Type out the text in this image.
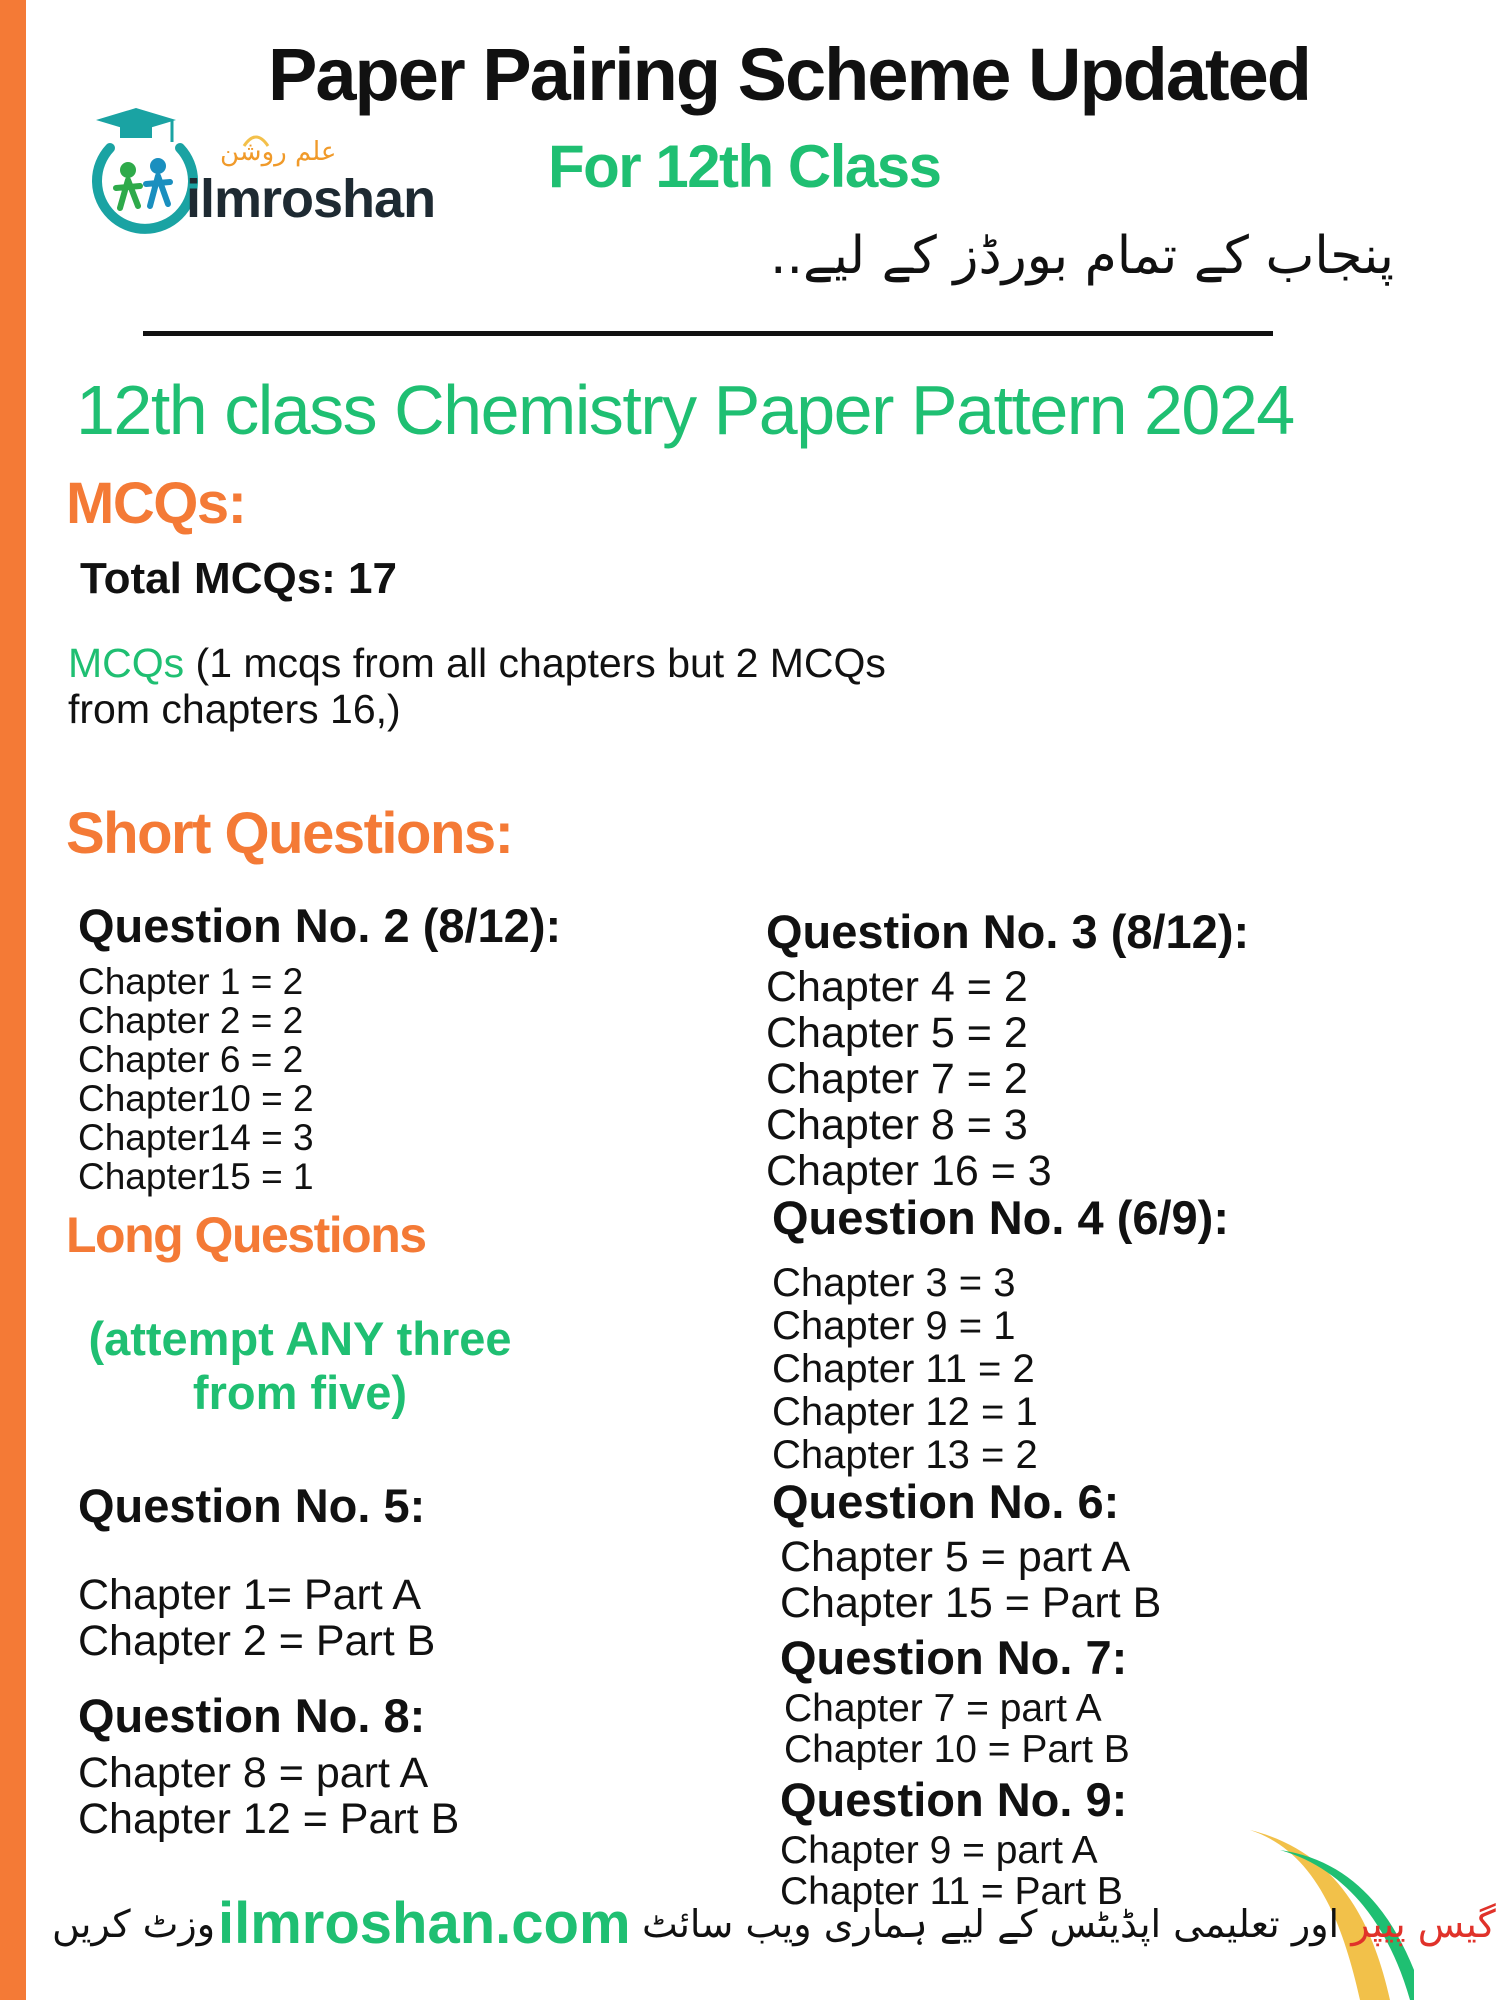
علم روشن
ilmroshan
Paper Pairing Scheme Updated
For 12th Class
پنجاب کے تمام بورڈز کے لیے..
12th class Chemistry Paper Pattern 2024
MCQs:
Total MCQs: 17
MCQs (1 mcqs from all chapters but 2 MCQs from chapters 16,)
Short Questions:
Question No. 2 (8/12):
Chapter 1 = 2
Chapter 2 = 2
Chapter 6 = 2
Chapter10 = 2
Chapter14 = 3
Chapter15 = 1
Question No. 3 (8/12):
Chapter 4 = 2
Chapter 5 = 2
Chapter 7 = 2
Chapter 8 = 3
Chapter 16 = 3
Question No. 4 (6/9):
Chapter 3 = 3
Chapter 9 = 1
Chapter 11 = 2
Chapter 12 = 1
Chapter 13 = 2
Long Questions
(attempt ANY three from five)
Question No. 5:
Chapter 1= Part A
Chapter 2 = Part B
Question No. 8:
Chapter 8 = part A
Chapter 12 = Part B
Question No. 6:
Chapter 5 = part A
Chapter 15 = Part B
Question No. 7:
Chapter 7 = part A
Chapter 10 = Part B
Question No. 9:
Chapter 9 = part A
Chapter 11 = Part B
وزٹ کریں ilmroshan.com	گیس پیپر اور تعلیمی اپڈیٹس کے لیے ہماری ویب سائٹ
